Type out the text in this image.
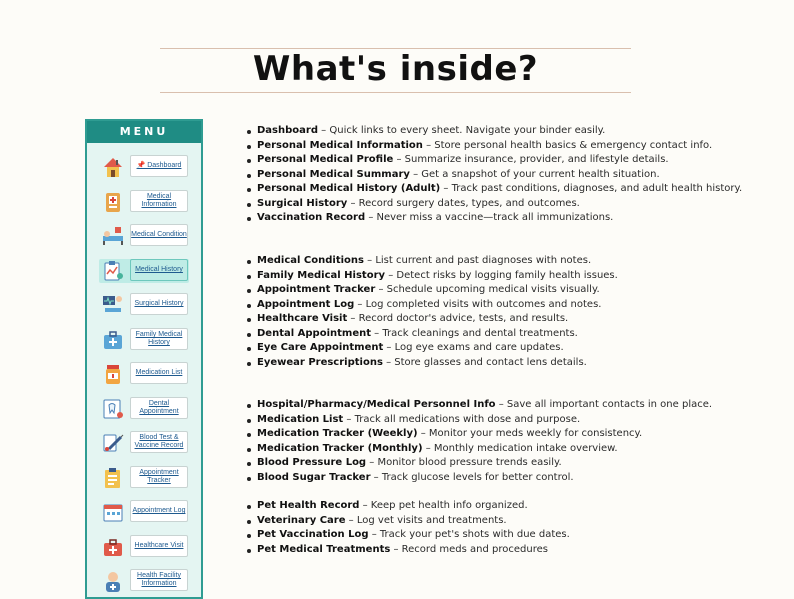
What's inside?
MENU
📌 Dashboard
Medical Information
Medical Condition
Medical History
Surgical History
Family Medical History
Medication List
Dental Appointment
Blood Test & Vaccine Record
Appointment Tracker
Appointment Log
Healthcare Visit
Health Facility Information
Dashboard – Quick links to every sheet. Navigate your binder easily.
Personal Medical Information – Store personal health basics & emergency contact info.
Personal Medical Profile – Summarize insurance, provider, and lifestyle details.
Personal Medical Summary – Get a snapshot of your current health situation.
Personal Medical History (Adult) – Track past conditions, diagnoses, and adult health history.
Surgical History – Record surgery dates, types, and outcomes.
Vaccination Record – Never miss a vaccine—track all immunizations.
Medical Conditions – List current and past diagnoses with notes.
Family Medical History – Detect risks by logging family health issues.
Appointment Tracker – Schedule upcoming medical visits visually.
Appointment Log – Log completed visits with outcomes and notes.
Healthcare Visit – Record doctor's advice, tests, and results.
Dental Appointment – Track cleanings and dental treatments.
Eye Care Appointment – Log eye exams and care updates.
Eyewear Prescriptions – Store glasses and contact lens details.
Hospital/Pharmacy/Medical Personnel Info – Save all important contacts in one place.
Medication List – Track all medications with dose and purpose.
Medication Tracker (Weekly) – Monitor your meds weekly for consistency.
Medication Tracker (Monthly) – Monthly medication intake overview.
Blood Pressure Log – Monitor blood pressure trends easily.
Blood Sugar Tracker – Track glucose levels for better control.
Pet Health Record – Keep pet health info organized.
Veterinary Care – Log vet visits and treatments.
Pet Vaccination Log – Track your pet's shots with due dates.
Pet Medical Treatments – Record meds and procedures
